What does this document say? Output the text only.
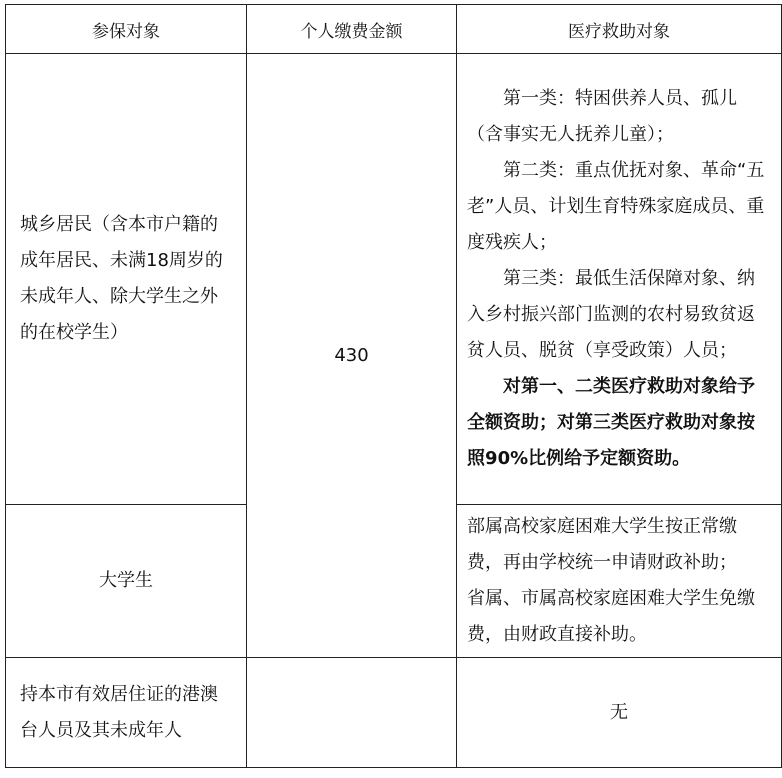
参保对象	个人缴费金额	医疗救助对象
城乡居民（含本市户籍的成年居民、未满18周岁的未成年人、除大学生之外的在校学生）	430	第一类：特困供养人员、孤儿（含事实无人抚养儿童）；

第二类：重点优抚对象、革命“五老”人员、计划生育特殊家庭成员、重度残疾人；

第三类：最低生活保障对象、纳入乡村振兴部门监测的农村易致贫返贫人员、脱贫（享受政策）人员；

对第一、二类医疗救助对象给予全额资助；对第三类医疗救助对象按照90%比例给予定额资助。

大学生		部属高校家庭困难大学生按正常缴费，再由学校统一申请财政补助；

省属、市属高校家庭困难大学生免缴费，由财政直接补助。

持本市有效居住证的港澳台人员及其未成年人		无
